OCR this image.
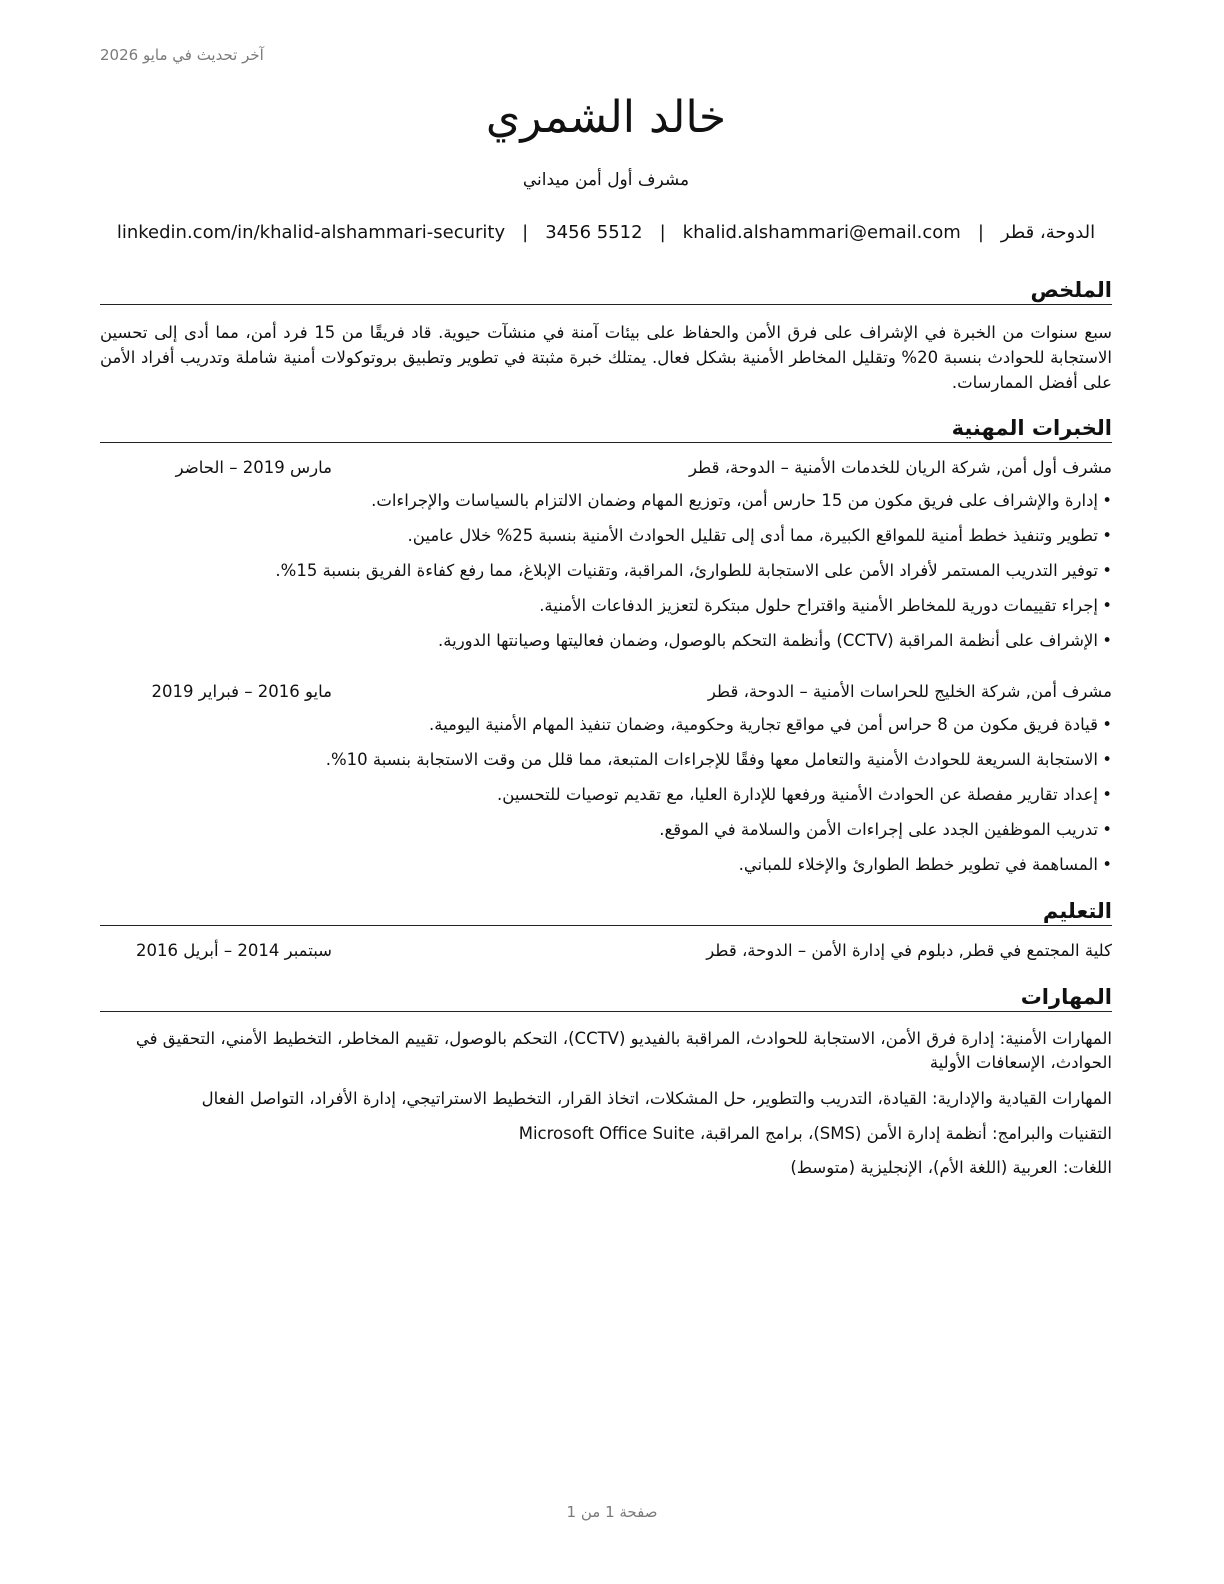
آخر تحديث في مايو 2026
خالد الشمري
مشرف أول أمن ميداني
الدوحة، قطر
|
khalid.alshammari@email.com
|
3456 5512
|
linkedin.com/in/khalid-alshammari-security
الملخص

سبع سنوات من الخبرة في الإشراف على فرق الأمن والحفاظ على بيئات آمنة في منشآت حيوية. قاد فريقًا من 15 فرد أمن، مما أدى إلى تحسين الاستجابة للحوادث بنسبة 20% وتقليل المخاطر الأمنية بشكل فعال. يمتلك خبرة مثبتة في تطوير وتطبيق بروتوكولات أمنية شاملة وتدريب أفراد الأمن على أفضل الممارسات.

الخبرات المهنية
مشرف أول أمن, شركة الريان للخدمات الأمنية – الدوحة، قطر
مارس 2019 – الحاضر
•إدارة والإشراف على فريق مكون من 15 حارس أمن، وتوزيع المهام وضمان الالتزام بالسياسات والإجراءات.
•تطوير وتنفيذ خطط أمنية للمواقع الكبيرة، مما أدى إلى تقليل الحوادث الأمنية بنسبة 25% خلال عامين.
•توفير التدريب المستمر لأفراد الأمن على الاستجابة للطوارئ، المراقبة، وتقنيات الإبلاغ، مما رفع كفاءة الفريق بنسبة 15%.
•إجراء تقييمات دورية للمخاطر الأمنية واقتراح حلول مبتكرة لتعزيز الدفاعات الأمنية.
•الإشراف على أنظمة المراقبة (CCTV) وأنظمة التحكم بالوصول، وضمان فعاليتها وصيانتها الدورية.
مشرف أمن, شركة الخليج للحراسات الأمنية – الدوحة، قطر
مايو 2016 – فبراير 2019
•قيادة فريق مكون من 8 حراس أمن في مواقع تجارية وحكومية، وضمان تنفيذ المهام الأمنية اليومية.
•الاستجابة السريعة للحوادث الأمنية والتعامل معها وفقًا للإجراءات المتبعة، مما قلل من وقت الاستجابة بنسبة 10%.
•إعداد تقارير مفصلة عن الحوادث الأمنية ورفعها للإدارة العليا، مع تقديم توصيات للتحسين.
•تدريب الموظفين الجدد على إجراءات الأمن والسلامة في الموقع.
•المساهمة في تطوير خطط الطوارئ والإخلاء للمباني.
التعليم
كلية المجتمع في قطر, دبلوم في إدارة الأمن – الدوحة، قطر
سبتمبر 2014 – أبريل 2016
المهارات

المهارات الأمنية: إدارة فرق الأمن، الاستجابة للحوادث، المراقبة بالفيديو (CCTV)، التحكم بالوصول، تقييم المخاطر، التخطيط الأمني، التحقيق في الحوادث، الإسعافات الأولية

المهارات القيادية والإدارية: القيادة، التدريب والتطوير، حل المشكلات، اتخاذ القرار، التخطيط الاستراتيجي، إدارة الأفراد، التواصل الفعال

التقنيات والبرامج: أنظمة إدارة الأمن (SMS)، برامج المراقبة، Microsoft Office Suite

اللغات: العربية (اللغة الأم)، الإنجليزية (متوسط)

صفحة 1 من 1
